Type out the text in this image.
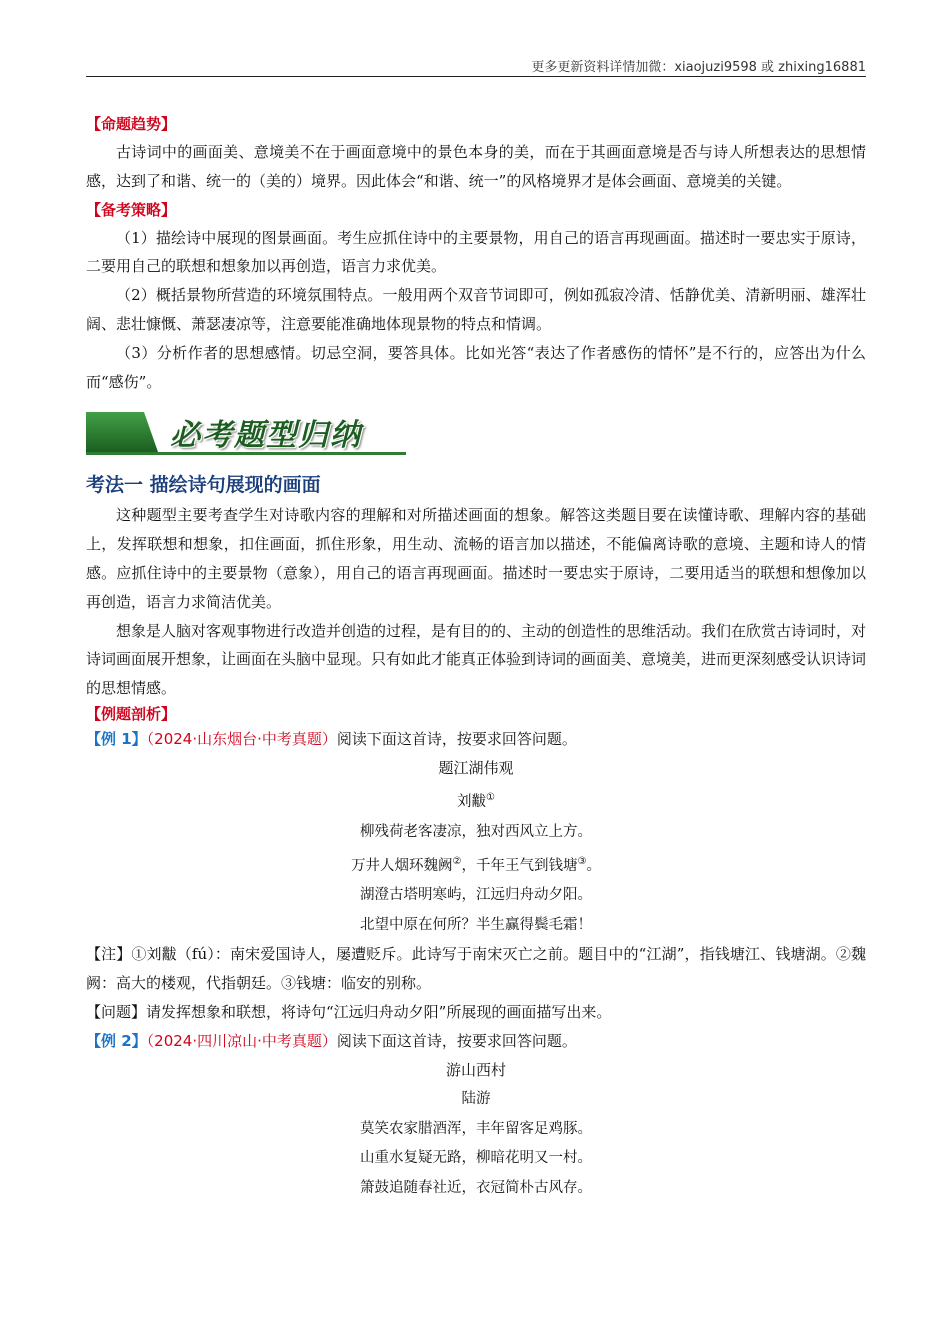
更多更新资料详情加微：xiaojuzi9598 或 zhixing16881
【命题趋势】

古诗词中的画面美、意境美不在于画面意境中的景色本身的美，而在于其画面意境是否与诗人所想表达的思想情感，达到了和谐、统一的（美的）境界。因此体会“和谐、统一”的风格境界才是体会画面、意境美的关键。

【备考策略】

（1）描绘诗中展现的图景画面。考生应抓住诗中的主要景物，用自己的语言再现画面。描述时一要忠实于原诗，二要用自己的联想和想象加以再创造，语言力求优美。

（2）概括景物所营造的环境氛围特点。一般用两个双音节词即可，例如孤寂冷清、恬静优美、清新明丽、雄浑壮阔、悲壮慷慨、萧瑟凄凉等，注意要能准确地体现景物的特点和情调。

（3）分析作者的思想感情。切忌空洞，要答具体。比如光答“表达了作者感伤的情怀”是不行的，应答出为什么而“感伤”。

必考题型归纳
考法一 描绘诗句展现的画面

这种题型主要考查学生对诗歌内容的理解和对所描述画面的想象。解答这类题目要在读懂诗歌、理解内容的基础上，发挥联想和想象，扣住画面，抓住形象，用生动、流畅的语言加以描述，不能偏离诗歌的意境、主题和诗人的情感。应抓住诗中的主要景物（意象），用自己的语言再现画面。描述时一要忠实于原诗，二要用适当的联想和想像加以再创造，语言力求简洁优美。

想象是人脑对客观事物进行改造并创造的过程，是有目的的、主动的创造性的思维活动。我们在欣赏古诗词时，对诗词画面展开想象，让画面在头脑中显现。只有如此才能真正体验到诗词的画面美、意境美，进而更深刻感受认识诗词的思想情感。

【例题剖析】
【例 1】（2024·山东烟台·中考真题）阅读下面这首诗，按要求回答问题。
题江湖伟观
刘黻①
柳残荷老客凄凉，独对西风立上方。
万井人烟环魏阙②，千年王气到钱塘③。
湖澄古塔明寒屿，江远归舟动夕阳。
北望中原在何所？半生赢得鬓毛霜！

【注】①刘黻（fú）：南宋爱国诗人，屡遭贬斥。此诗写于南宋灭亡之前。题目中的“江湖”，指钱塘江、钱塘湖。②魏阙：高大的楼观，代指朝廷。③钱塘：临安的别称。

【问题】请发挥想象和联想，将诗句“江远归舟动夕阳”所展现的画面描写出来。

【例 2】（2024·四川凉山·中考真题）阅读下面这首诗，按要求回答问题。
游山西村
陆游
莫笑农家腊酒浑，丰年留客足鸡豚。
山重水复疑无路，柳暗花明又一村。
箫鼓追随春社近，衣冠简朴古风存。
